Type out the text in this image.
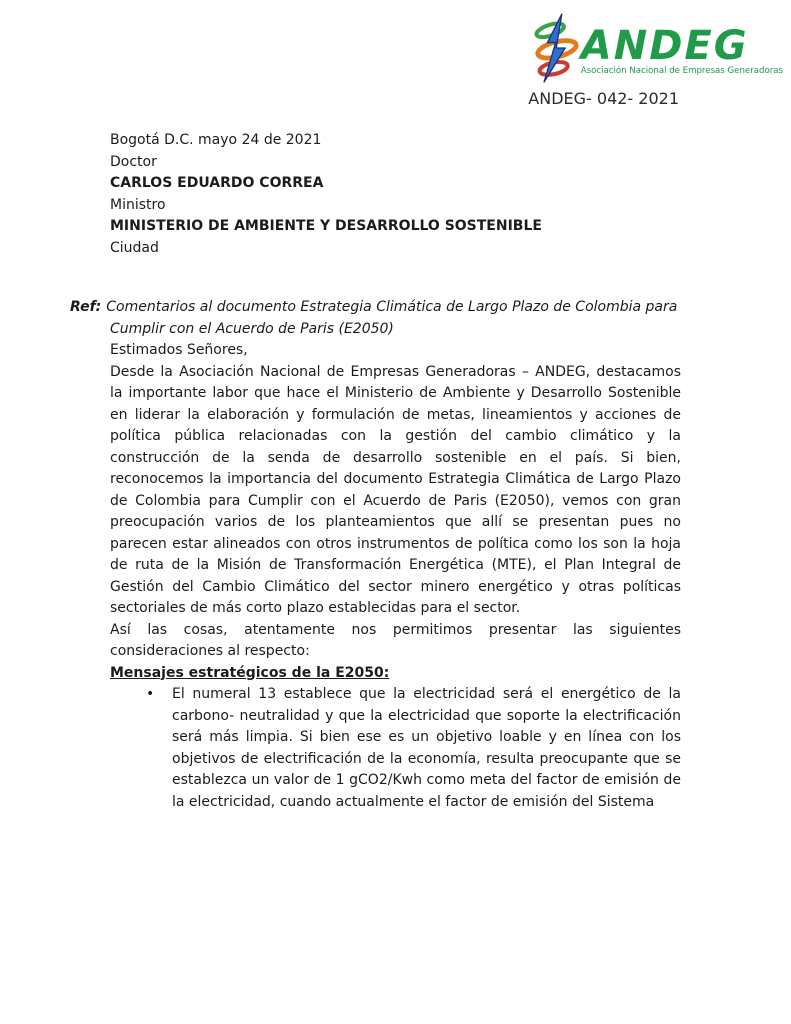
ANDEG
Asociación Nacional de Empresas Generadoras
ANDEG- 042- 2021

Bogotá D.C. mayo 24 de 2021

Doctor
CARLOS EDUARDO CORREA
Ministro
MINISTERIO DE AMBIENTE Y DESARROLLO SOSTENIBLE
Ciudad

Ref: Comentarios al documento Estrategia Climática de Largo Plazo de Colombia para Cumplir con el Acuerdo de Paris (E2050)

Estimados Señores,

Desde la Asociación Nacional de Empresas Generadoras – ANDEG, destacamos la importante labor que hace el Ministerio de Ambiente y Desarrollo Sostenible en liderar la elaboración y formulación de metas, lineamientos y acciones de política pública relacionadas con la gestión del cambio climático y la construcción de la senda de desarrollo sostenible en el país. Si bien, reconocemos la importancia del documento Estrategia Climática de Largo Plazo de Colombia para Cumplir con el Acuerdo de Paris (E2050), vemos con gran preocupación varios de los planteamientos que allí se presentan pues no parecen estar alineados con otros instrumentos de política como los son la hoja de ruta de la Misión de Transformación Energética (MTE), el Plan Integral de Gestión del Cambio Climático del sector minero energético y otras políticas sectoriales de más corto plazo establecidas para el sector.

Así las cosas, atentamente nos permitimos presentar las siguientes consideraciones al respecto:

Mensajes estratégicos de la E2050:

• El numeral 13 establece que la electricidad será el energético de la carbono- neutralidad y que la electricidad que soporte la electrificación será más limpia. Si bien ese es un objetivo loable y en línea con los objetivos de electrificación de la economía, resulta preocupante que se establezca un valor de 1 gCO2/Kwh como meta del factor de emisión de la electricidad, cuando actualmente el factor de emisión del Sistema
